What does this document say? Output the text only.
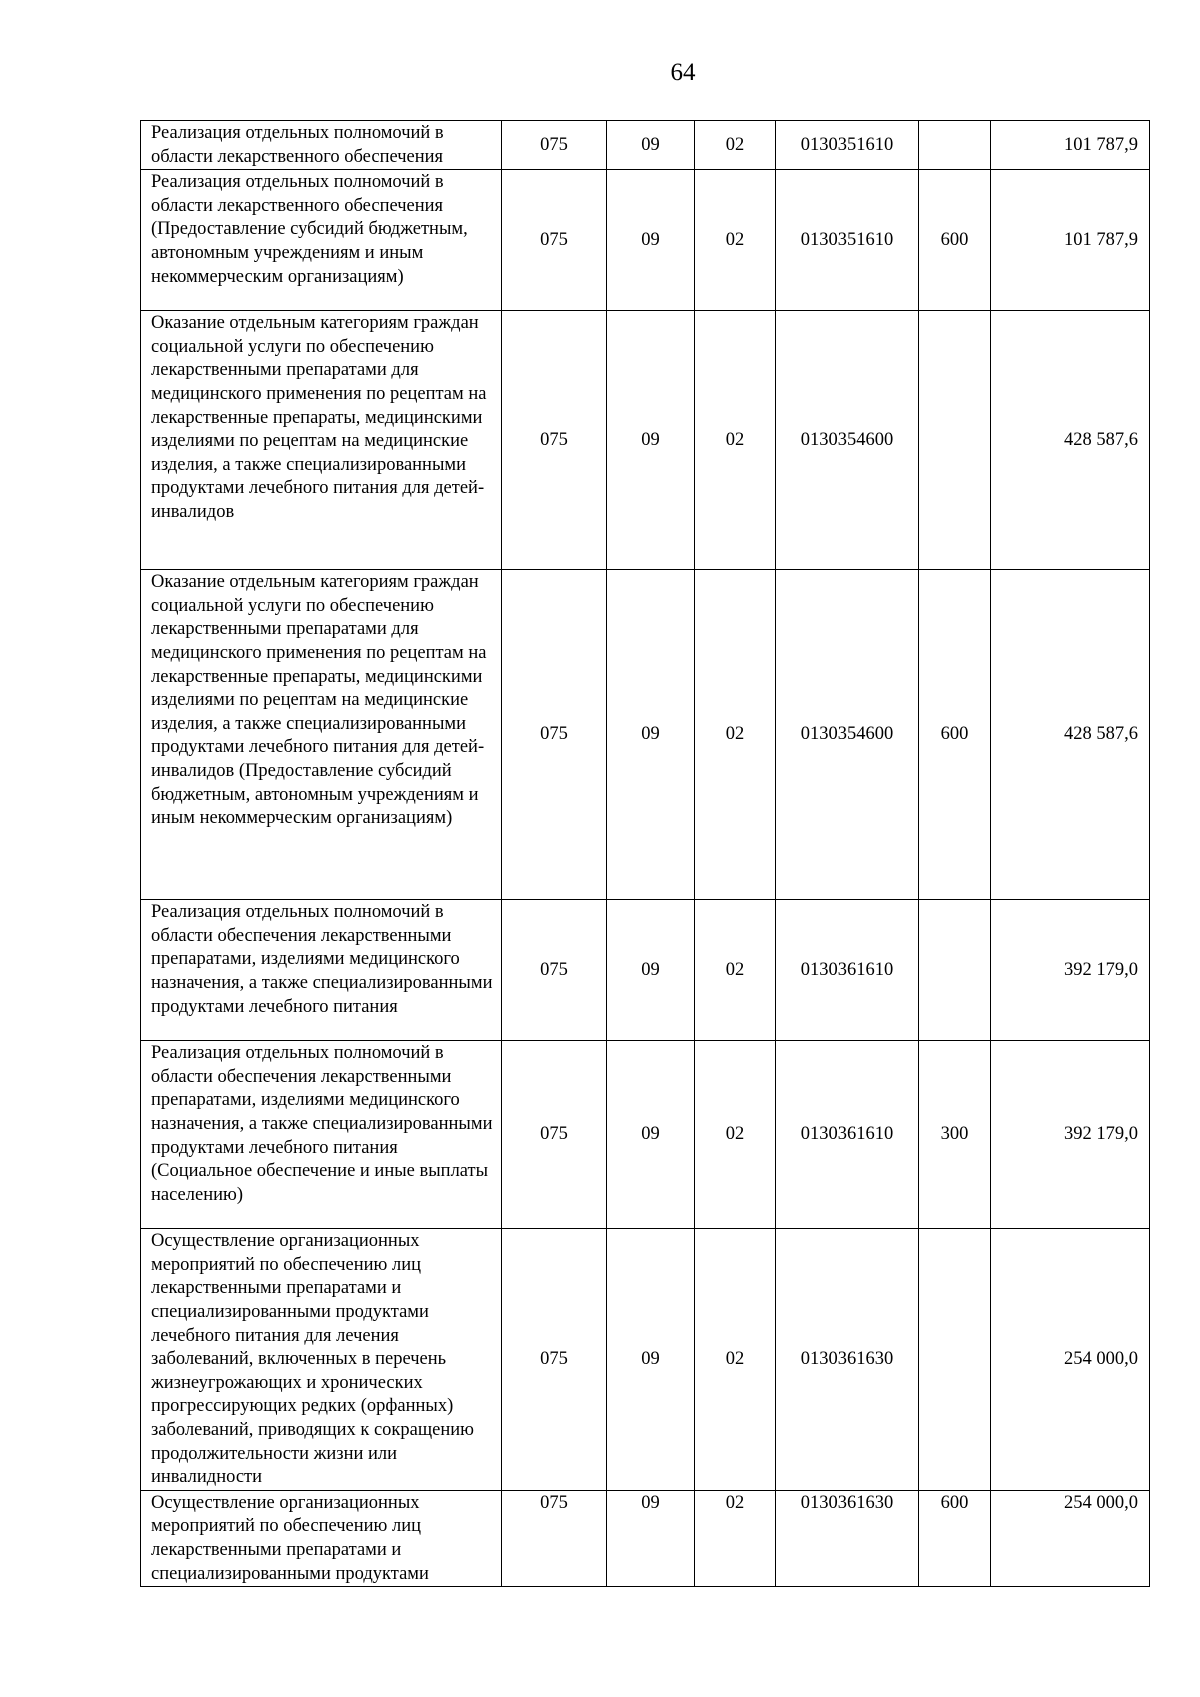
64
Реализация отдельных полномочий в области лекарственного обеспечения	075	09	02	0130351610		101 787,9
Реализация отдельных полномочий в области лекарственного обеспечения (Предоставление субсидий бюджетным, автономным учреждениям и иным некоммерческим организациям)	075	09	02	0130351610	600	101 787,9
Оказание отдельным категориям граждан социальной услуги по обеспечению лекарственными препаратами для медицинского применения по рецептам на лекарственные препараты, медицинскими изделиями по рецептам на медицинские изделия, а также специализированными продуктами лечебного питания для детей-инвалидов	075	09	02	0130354600		428 587,6
Оказание отдельным категориям граждан социальной услуги по обеспечению лекарственными препаратами для медицинского применения по рецептам на лекарственные препараты, медицинскими изделиями по рецептам на медицинские изделия, а также специализированными продуктами лечебного питания для детей-инвалидов (Предоставление субсидий бюджетным, автономным учреждениям и иным некоммерческим организациям)	075	09	02	0130354600	600	428 587,6
Реализация отдельных полномочий в области обеспечения лекарственными препаратами, изделиями медицинского назначения, а также специализированными продуктами лечебного питания	075	09	02	0130361610		392 179,0
Реализация отдельных полномочий в области обеспечения лекарственными препаратами, изделиями медицинского назначения, а также специализированными продуктами лечебного питания (Социальное обеспечение и иные выплаты населению)	075	09	02	0130361610	300	392 179,0
Осуществление организационных мероприятий по обеспечению лиц лекарственными препаратами и специализированными продуктами лечебного питания для лечения заболеваний, включенных в перечень жизнеугрожающих и хронических прогрессирующих редких (орфанных) заболеваний, приводящих к сокращению продолжительности жизни или инвалидности	075	09	02	0130361630		254 000,0
Осуществление организационных мероприятий по обеспечению лиц лекарственными препаратами и специализированными продуктами	075	09	02	0130361630	600	254 000,0
